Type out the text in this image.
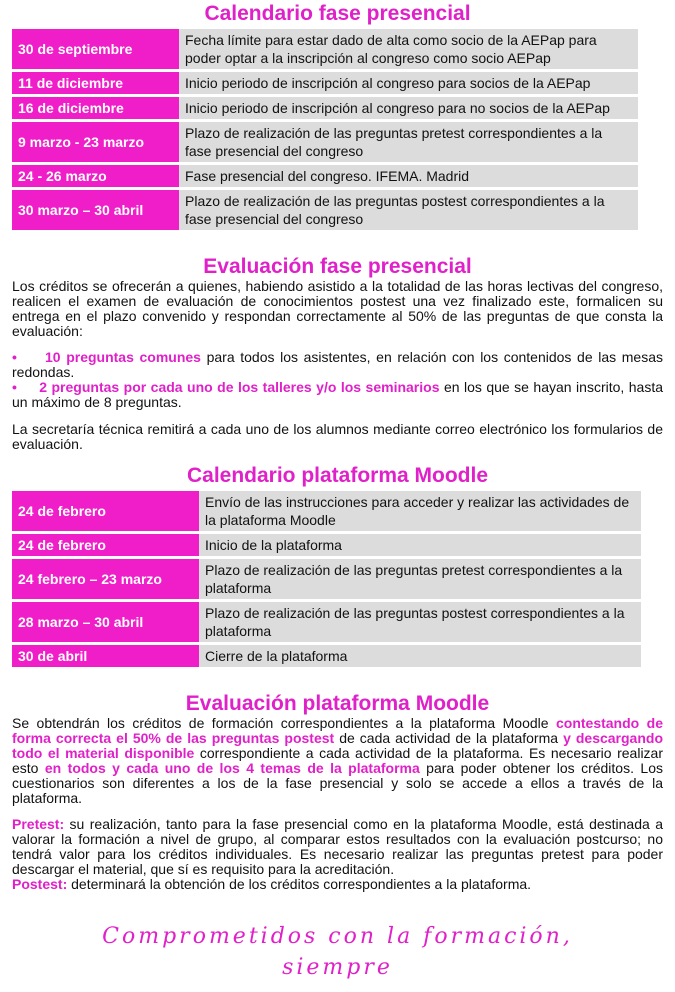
Calendario fase presencial
30 de septiembre	Fecha límite para estar dado de alta como socio de la AEPap para poder optar a la inscripción al congreso como socio AEPap
11 de diciembre	Inicio periodo de inscripción al congreso para socios de la AEPap
16 de diciembre	Inicio periodo de inscripción al congreso para no socios de la AEPap
9 marzo - 23 marzo	Plazo de realización de las preguntas pretest correspondientes a la fase presencial del congreso
24 - 26 marzo	Fase presencial del congreso. IFEMA. Madrid
30 marzo – 30 abril	Plazo de realización de las preguntas postest correspondientes a la fase presencial del congreso
Evaluación fase presencial

Los créditos se ofrecerán a quienes, habiendo asistido a la totalidad de las horas lectivas del congreso, realicen el examen de evaluación de conocimientos postest una vez finalizado este, formalicen su entrega en el plazo convenido y respondan correctamente al 50% de las preguntas de que consta la evaluación:

• 10 preguntas comunes para todos los asistentes, en relación con los contenidos de las mesas redondas.

• 2 preguntas por cada uno de los talleres y/o los seminarios en los que se hayan inscrito, hasta un máximo de 8 preguntas.

La secretaría técnica remitirá a cada uno de los alumnos mediante correo electrónico los formularios de evaluación.

Calendario plataforma Moodle
24 de febrero	Envío de las instrucciones para acceder y realizar las actividades de la plataforma Moodle
24 de febrero	Inicio de la plataforma
24 febrero – 23 marzo	Plazo de realización de las preguntas pretest correspondientes a la plataforma
28 marzo – 30 abril	Plazo de realización de las preguntas postest correspondientes a la plataforma
30 de abril	Cierre de la plataforma
Evaluación plataforma Moodle

Se obtendrán los créditos de formación correspondientes a la plataforma Moodle contestando de forma correcta el 50% de las preguntas postest de cada actividad de la plataforma y descargando todo el material disponible correspondiente a cada actividad de la plataforma. Es necesario realizar esto en todos y cada uno de los 4 temas de la plataforma para poder obtener los créditos. Los cuestionarios son diferentes a los de la fase presencial y solo se accede a ellos a través de la plataforma.

Pretest: su realización, tanto para la fase presencial como en la plataforma Moodle, está destinada a valorar la formación a nivel de grupo, al comparar estos resultados con la evaluación postcurso; no tendrá valor para los créditos individuales. Es necesario realizar las preguntas pretest para poder descargar el material, que sí es requisito para la acreditación.

Postest: determinará la obtención de los créditos correspondientes a la plataforma.

Comprometidos con la formación,
siempre
